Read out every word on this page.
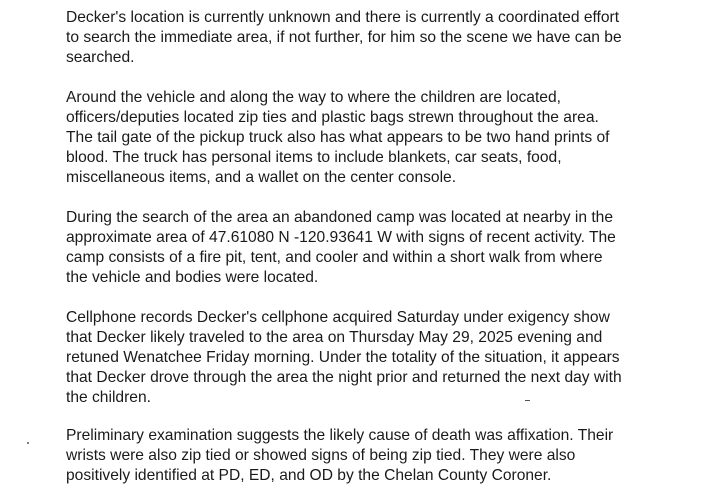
Decker's location is currently unknown and there is currently a coordinated effort
to search the immediate area, if not further, for him so the scene we have can be
searched.

Around the vehicle and along the way to where the children are located,
officers/deputies located zip ties and plastic bags strewn throughout the area.
The tail gate of the pickup truck also has what appears to be two hand prints of
blood. The truck has personal items to include blankets, car seats, food,
miscellaneous items, and a wallet on the center console.

During the search of the area an abandoned camp was located at nearby in the
approximate area of 47.61080 N -120.93641 W with signs of recent activity. The
camp consists of a fire pit, tent, and cooler and within a short walk from where
the vehicle and bodies were located.

Cellphone records Decker's cellphone acquired Saturday under exigency show
that Decker likely traveled to the area on Thursday May 29, 2025 evening and
retuned Wenatchee Friday morning. Under the totality of the situation, it appears
that Decker drove through the area the night prior and returned the next day with
the children.

Preliminary examination suggests the likely cause of death was affixation. Their
wrists were also zip tied or showed signs of being zip tied. They were also
positively identified at PD, ED, and OD by the Chelan County Coroner.
